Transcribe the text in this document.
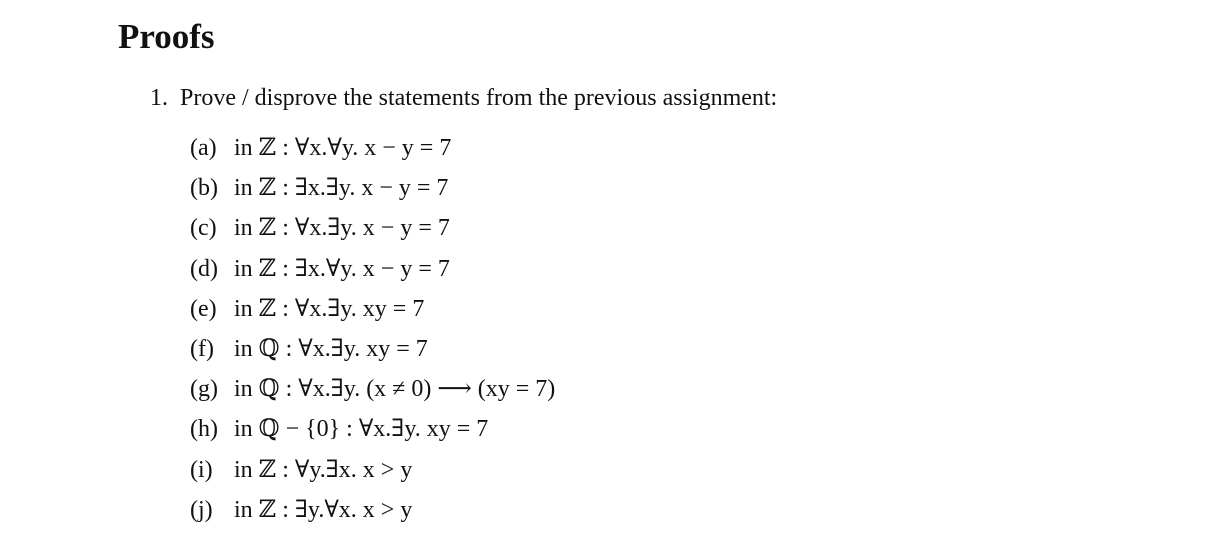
Proofs
1. Prove / disprove the statements from the previous assignment:
(a) in ℤ : ∀x.∀y. x − y = 7
(b) in ℤ : ∃x.∃y. x − y = 7
(c) in ℤ : ∀x.∃y. x − y = 7
(d) in ℤ : ∃x.∀y. x − y = 7
(e) in ℤ : ∀x.∃y. xy = 7
(f) in ℚ : ∀x.∃y. xy = 7
(g) in ℚ : ∀x.∃y. (x ≠ 0) ⟶ (xy = 7)
(h) in ℚ − {0} : ∀x.∃y. xy = 7
(i) in ℤ : ∀y.∃x. x > y
(j) in ℤ : ∃y.∀x. x > y
